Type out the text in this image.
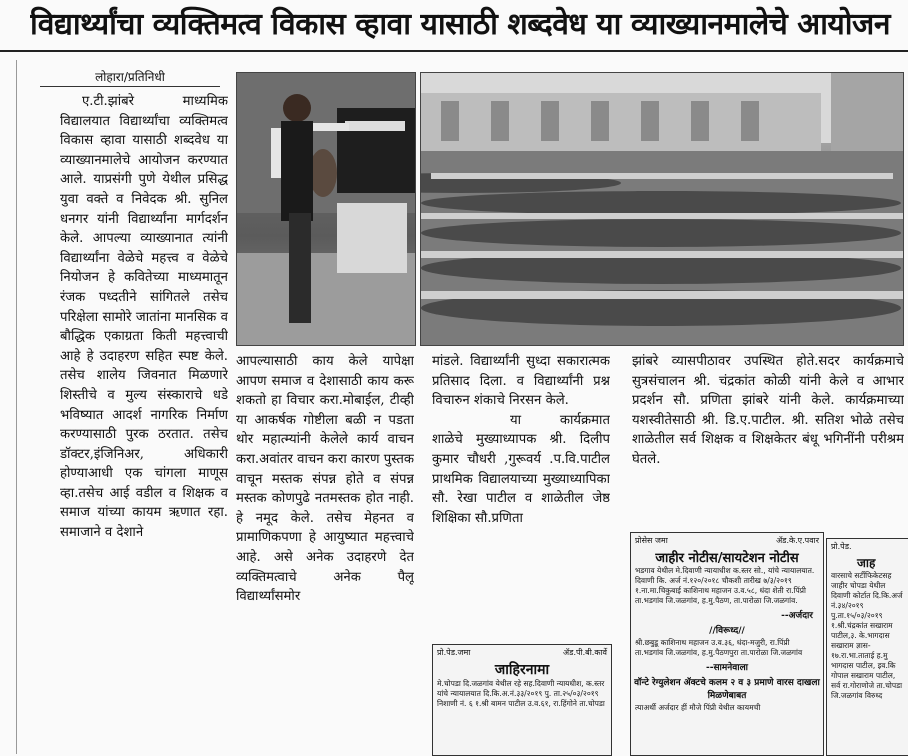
विद्यार्थ्यांचा व्यक्तिमत्व विकास व्हावा यासाठी शब्दवेध या व्याख्यानमालेचे आयोजन
लोहारा/प्रतिनिधी
ए.टी.झांबरे माध्यमिक विद्यालयात विद्यार्थ्यांचा व्यक्तिमत्व विकास व्हावा यासाठी शब्दवेध या व्याख्यानमालेचे आयोजन करण्यात आले. याप्रसंगी पुणे येथील प्रसिद्ध युवा वक्ते व निवेदक श्री. सुनिल धनगर यांनी विद्यार्थ्यांना मार्गदर्शन केले. आपल्या व्याख्यानात त्यांनी विद्यार्थ्यांना वेळेचे महत्त्व व वेळेचे नियोजन हे कवितेच्या माध्यमातून रंजक पध्दतीने सांगितले तसेच परिक्षेला सामोरे जातांना मानसिक व बौद्धिक एकाग्रता किती महत्त्वाची आहे हे उदाहरण सहित स्पष्ट केले. तसेच शालेय जिवनात मिळणारे शिस्तीचे व मुल्य संस्काराचे धडे भविष्यात आदर्श नागरिक निर्माण करण्यासाठी पुरक ठरतात. तसेच डॉक्टर,इंजिनिअर, अधिकारी होण्याआधी एक चांगला माणूस व्हा.तसेच आई वडील व शिक्षक व समाज यांच्या कायम ऋणात रहा. समाजाने व देशाने
आपल्यासाठी काय केले यापेक्षा आपण समाज व देशासाठी काय करू शकतो हा विचार करा.मोबाईल, टीव्ही या आकर्षक गोष्टीला बळी न पडता थोर महात्म्यांनी केलेले कार्य वाचन करा.अवांतर वाचन करा कारण पुस्तक वाचून मस्तक संपन्न होते व संपन्न मस्तक कोणपुढे नतमस्तक होत नाही. हे नमूद केले. तसेच मेहनत व प्रामाणिकपणा हे आयुष्यात महत्त्वाचे आहे. असे अनेक उदाहरणे देत व्यक्तिमत्वाचे अनेक पैलू विद्यार्थ्यांसमोर

मांडले. विद्यार्थ्यांनी सुध्दा सकारात्मक प्रतिसाद दिला. व विद्यार्थ्यांनी प्रश्न विचारुन शंकाचे निरसन केले.

या कार्यक्रमात शाळेचे मुख्याध्यापक श्री. दिलीप कुमार चौधरी ,गुरूवर्य .प.वि.पाटील प्राथमिक विद्यालयाच्या मुख्याध्यापिका सौ. रेखा पाटील व शाळेतील जेष्ठ शिक्षिका सौ.प्रणिता

झांबरे व्यासपीठावर उपस्थित होते.सदर कार्यक्रमाचे सुत्रसंचालन श्री. चंद्रकांत कोळी यांनी केले व आभार प्रदर्शन सौ. प्रणिता झांबरे यांनी केले. कार्यक्रमाच्या यशस्वीतेसाठी श्री. डि.ए.पाटील. श्री. सतिश भोळे तसेच शाळेतील सर्व शिक्षक व शिक्षकेतर बंधू भगिनींनी परीश्रम घेतले.
प्रो.पेड.जमा	ॲड.पी.बी.कार्वे
जाहिरनामा
मे.चोपडा दि.जळगांव येथील रहे सह.दिवाणी न्यायधीश, क.स्तर यांचे न्यायालयात दि.कि.अ.नं.३३/२०१९ पु. ता.२५/०३/२०१९ निशाणी नं. ६ १.श्री बामन पाटील उ.व.६१, रा.हिंगोने ता.चोपडा
प्रोसेस जमा	ॲड.के.ए.पवार
जाहीर नोटीस/सायटेशन नोटीस
भडगाव येथील मे.दिवाणी न्यायाधीश क.स्तर सो., यांचे न्यायालयात. दिवाणी कि. अर्ज नं.१२०/२०१८ चौकशी तारीख ७/३/२०१९ १.ना.मा.चिकुबाई काशिनाथ महाजन उ.व.५८, धंदा शेती रा.पिंप्री ता.भडगांव जि.जळगांव, ह.मु.पैठण, ता.पारोळा जि.जळगांव.
--अर्जदार
//विरूध्द//
श्री.छबुडू काशिनाथ महाजन उ.व.३६, धंदा-मजुरी, रा.पिंप्री ता.भडगांव जि.जळगांव, ह.मु.पैठणपुरा ता.पारोळा जि.जळगांव
--सामनेवाला
वॉन्टे रेग्युलेशन ॲक्टचे कलम २ व ३ प्रमाणे वारस दाखला मिळणेबाबत
त्याअर्थी अर्जदार हीं मौजे पिंप्री येथील कायमची
प्रो.पेड.
जाह
वारसाचे सर्टीफिकेटसह जाहीर चोपडा येथील दिवाणी कोर्टात दि.कि.अर्ज नं.३४/२०१९ पु.ता.१५/०३/२०१९ १.श्री.चंद्रकांत सखाराम पाटील,३. के.भागदास सखाराम ज्ञास- १७.रा.भा.ताताई ह.मु भागदास पाटील, इव.कि गोपाल सखाराम पाटील, सर्व रा.गोराणोजे ता.चोपडा जि.जळगांव विरुध्द
